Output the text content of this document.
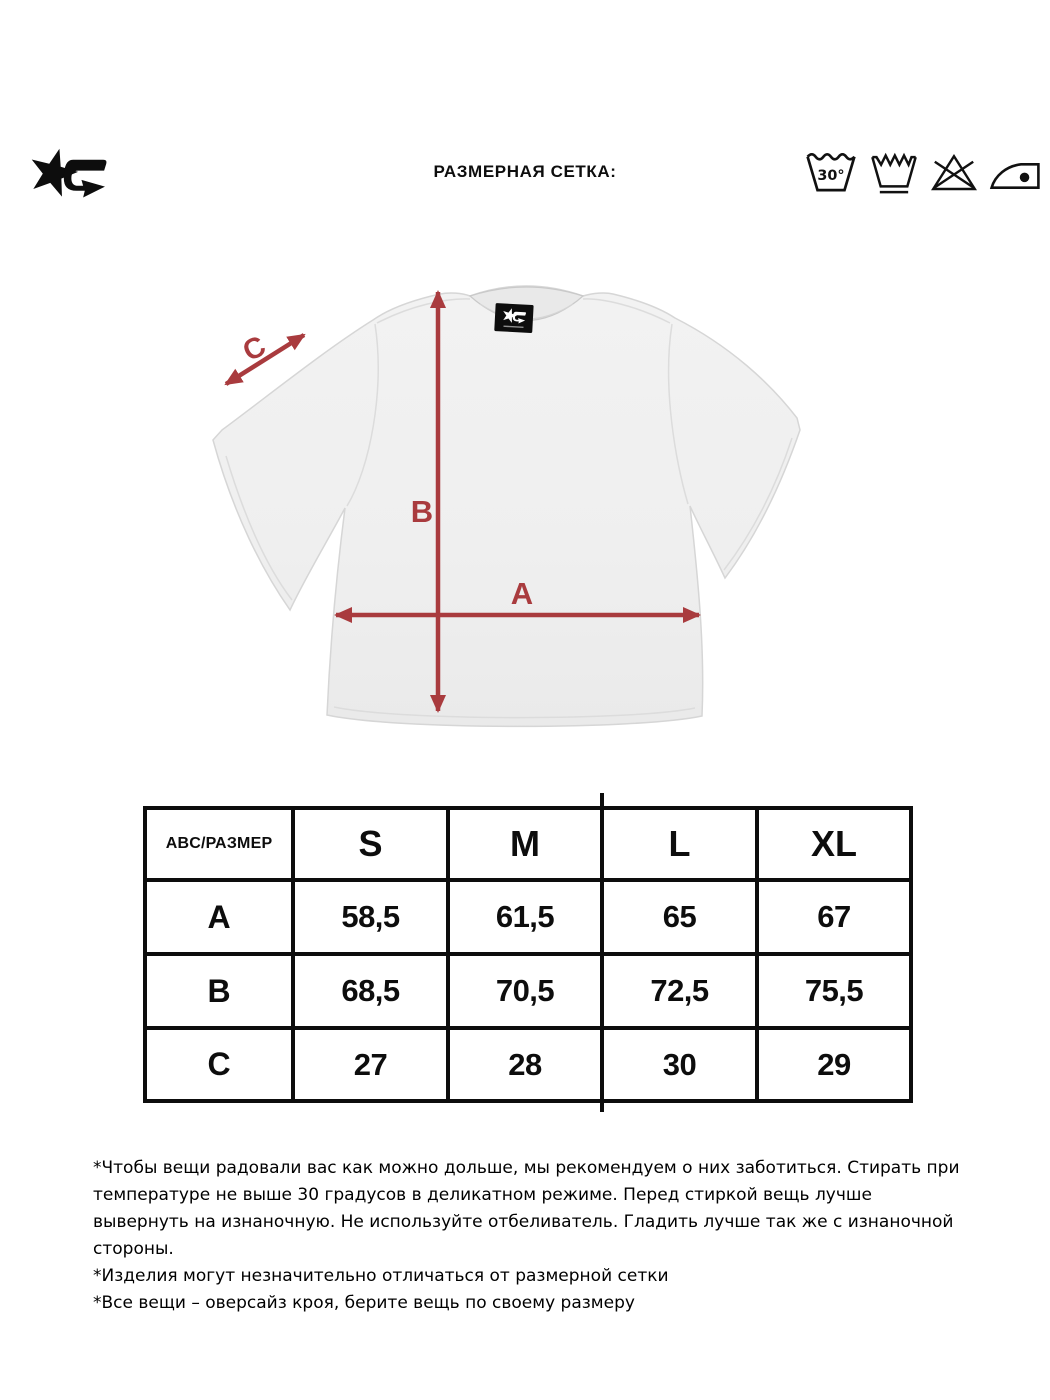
РАЗМЕРНАЯ СЕТКА:	30°
B
A
C
ABC/РАЗМЕР	S	M	L	XL
A	58,5	61,5	65	67
B	68,5	70,5	72,5	75,5
C	27	28	30	29

*Чтобы вещи радовали вас как можно дольше, мы рекомендуем о них заботиться. Стирать при температуре не выше 30 градусов в деликатном режиме. Перед стиркой вещь лучше вывернуть на изнаночную. Не используйте отбеливатель. Гладить лучше так же с изнаночной стороны.

*Изделия могут незначительно отличаться от размерной сетки

*Все вещи – оверсайз кроя, берите вещь по своему размеру
